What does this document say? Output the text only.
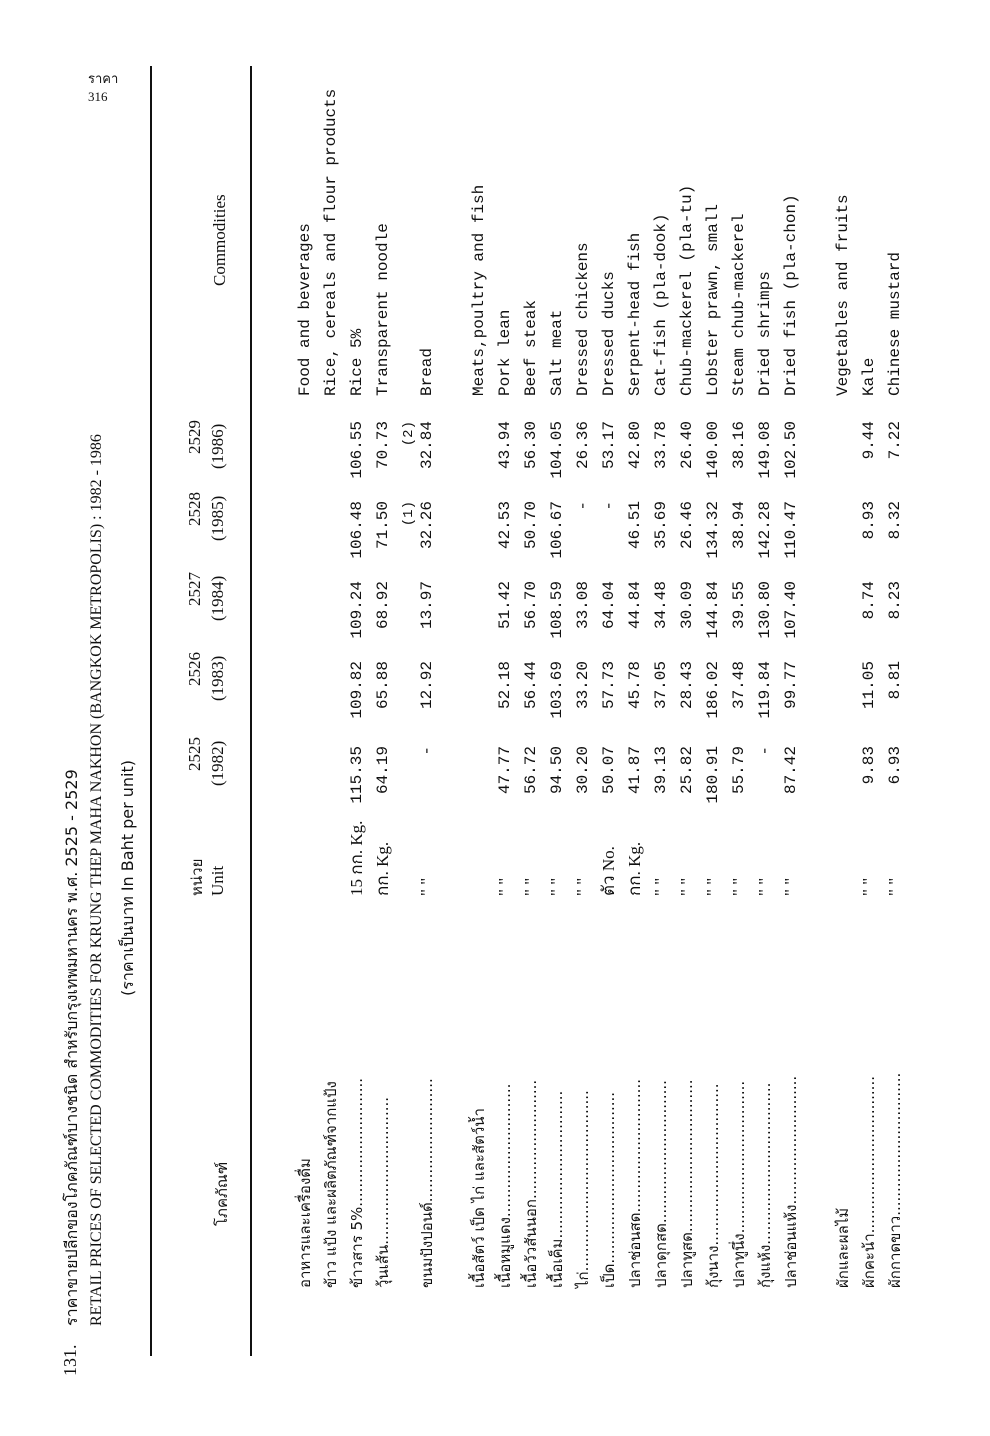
ราคา
316
131.
ราคาขายปลีกของโภคภัณฑ์บางชนิด สำหรับกรุงเทพมหานคร พ.ศ. 2525 - 2529 RETAIL PRICES OF SELECTED COMMODITIES FOR KRUNG THEP MAHA NAKHON (BANGKOK METROPOLIS) : 1982 - 1986 (ราคาเป็นบาท In Baht per unit)
โภคภัณฑ์
หน่วย Unit
2525 (1982)
2526 (1983)
2527 (1984)
2528 (1985)
2529 (1986)
Commodities
อาหารและเครื่องดื่ม
Food and beverages
ข้าว แป้ง และผลิตภัณฑ์จากแป้ง
Rice, cereals and flour products
ข้าวสาร 5%...........................
15 กก. Kg.
115.35
109.82
109.24
106.48
106.55
Rice 5%
วุ้นเส้น...............................
กก. Kg.
64.19
65.88
68.92
71.50
70.73
Transparent noodle
(1)
(2)
ขนมปังปอนด์..........................
" "
-
12.92
13.97
32.26
32.84
Bread
เนื้อสัตว์ เป็ด ไก่ และสัตว์น้ำ
Meats,poultry and fish
เนื้อหมูแดง............................
" "
47.77
52.18
51.42
42.53
43.94
Pork lean
เนื้อวัวสันนอก.........................
" "
56.72
56.44
56.70
50.70
56.30
Beef steak
เนื้อเค็ม...............................
" "
94.50
103.69
108.59
106.67
104.05
Salt meat
ไก่......................................
" "
30.20
33.20
33.08
-
26.36
Dressed chickens
เป็ด....................................
ตัว No.
50.07
57.73
64.04
-
53.17
Dressed ducks
ปลาช่อนสด............................
กก. Kg.
41.87
45.78
44.84
46.51
42.80
Serpent-head fish
ปลาดุกสด..............................
" "
39.13
37.05
34.48
35.69
33.78
Cat-fish (pla-dook)
ปลาทูสด................................
" "
25.82
28.43
30.09
26.46
26.40
Chub-mackerel (pla-tu)
กุ้งนาง..................................
" "
180.91
186.02
144.84
134.32
140.00
Lobster prawn, small
ปลาทูนึ่ง................................
" "
55.79
37.48
39.55
38.94
38.16
Steam chub-mackerel
กุ้งแห้ง..................................
" "
-
119.84
130.80
142.28
149.08
Dried shrimps
ปลาช่อนแห้ง...........................
" "
87.42
99.77
107.40
110.47
102.50
Dried fish (pla-chon)
ผักและผลไม้
Vegetables and fruits
ผักคะน้า.................................
" "
9.83
11.05
8.74
8.93
9.44
Kale
ผักกาดขาว..............................
" "
6.93
8.81
8.23
8.32
7.22
Chinese mustard
